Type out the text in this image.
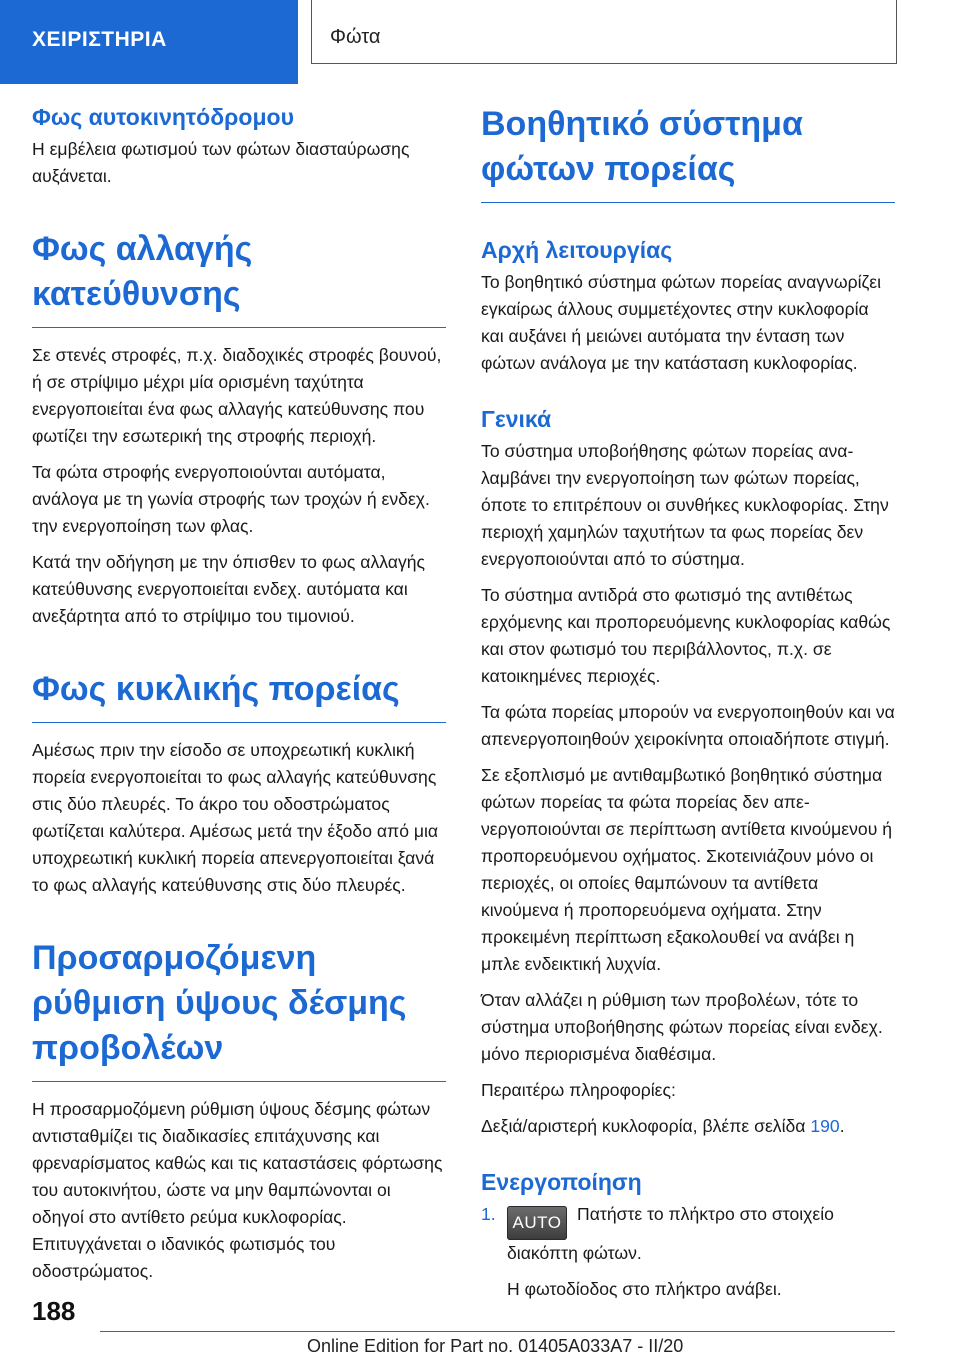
ΧΕΙΡΙΣΤΗΡΙΑ	Φώτα
Φως αυτοκινητόδρομου

Η εμβέλεια φωτισμού των φώτων διασταύρωσης αυξάνεται.

Φως αλλαγής κατεύθυνσης

Σε στενές στροφές, π.χ. διαδοχικές στροφές βουνού, ή σε στρίψιμο μέχρι μία ορισμένη ταχύτητα ενεργοποιείται ένα φως αλλαγής κατεύθυνσης που φωτίζει την εσωτερική της στροφής περιοχή.

Τα φώτα στροφής ενεργοποιούνται αυτόματα, ανάλογα με τη γωνία στροφής των τροχών ή ενδεχ. την ενεργοποίηση των φλας.

Κατά την οδήγηση με την όπισθεν το φως αλλαγής κατεύθυνσης ενεργοποιείται ενδεχ. αυτόματα και ανεξάρτητα από το στρίψιμο του τιμονιού.

Φως κυκλικής πορείας

Αμέσως πριν την είσοδο σε υποχρεωτική κυκλική πορεία ενεργοποιείται το φως αλλαγής κατεύθυνσης στις δύο πλευρές. Το άκρο του οδοστρώματος φωτίζεται καλύτερα. Αμέσως μετά την έξοδο από μια υποχρεωτική κυκλική πορεία απενεργοποιείται ξανά το φως αλλαγής κατεύθυνσης στις δύο πλευρές.

Προσαρμοζόμενη ρύθμιση ύψους δέσμης προβολέων

Η προσαρμοζόμενη ρύθμιση ύψους δέσμης φώτων αντισταθμίζει τις διαδικασίες επιτάχυνσης και φρεναρίσματος καθώς και τις καταστάσεις φόρτωσης του αυτοκινήτου, ώστε να μην θαμπώνονται οι οδηγοί στο αντίθετο ρεύμα κυκλοφορίας. Επιτυγχάνεται ο ιδανικός φωτισμός του οδοστρώματος.

Βοηθητικό σύστημα φώτων πορείας
Αρχή λειτουργίας

Το βοηθητικό σύστημα φώτων πορείας αναγνωρίζει εγκαίρως άλλους συμμετέχοντες στην κυκλοφορία και αυξάνει ή μειώνει αυτόματα την ένταση των φώτων ανάλογα με την κατάσταση κυκλοφορίας.

Γενικά

Το σύστημα υποβοήθησης φώτων πορείας αναλαμβάνει την ενεργοποίηση των φώτων πορείας, όποτε το επιτρέπουν οι συνθήκες κυκλοφορίας. Στην περιοχή χαμηλών ταχυτήτων τα φως πορείας δεν ενεργοποιούνται από το σύστημα.

Το σύστημα αντιδρά στο φωτισμό της αντιθέτως ερχόμενης και προπορευόμενης κυκλοφορίας καθώς και στον φωτισμό του περιβάλλοντος, π.χ. σε κατοικημένες περιοχές.

Τα φώτα πορείας μπορούν να ενεργοποιηθούν και να απενεργοποιηθούν χειροκίνητα οποιαδήποτε στιγμή.

Σε εξοπλισμό με αντιθαμβωτικό βοηθητικό σύστημα φώτων πορείας τα φώτα πορείας δεν απενεργοποιούνται σε περίπτωση αντίθετα κινούμενου ή προπορευόμενου οχήματος. Σκοτεινιάζουν μόνο οι περιοχές, οι οποίες θαμπώνουν τα αντίθετα κινούμενα ή προπορευόμενα οχήματα. Στην προκειμένη περίπτωση εξακολουθεί να ανάβει η μπλε ενδεικτική λυχνία.

Όταν αλλάζει η ρύθμιση των προβολέων, τότε το σύστημα υποβοήθησης φώτων πορείας είναι ενδεχ. μόνο περιορισμένα διαθέσιμα.

Περαιτέρω πληροφορίες:

Δεξιά/αριστερή κυκλοφορία, βλέπε σελίδα 190.

Ενεργοποίηση
1. AUTO Πατήστε το πλήκτρο στο στοιχείο διακόπτη φώτων.

Η φωτοδίοδος στο πλήκτρο ανάβει.

188
Online Edition for Part no. 01405A033A7 - II/20
